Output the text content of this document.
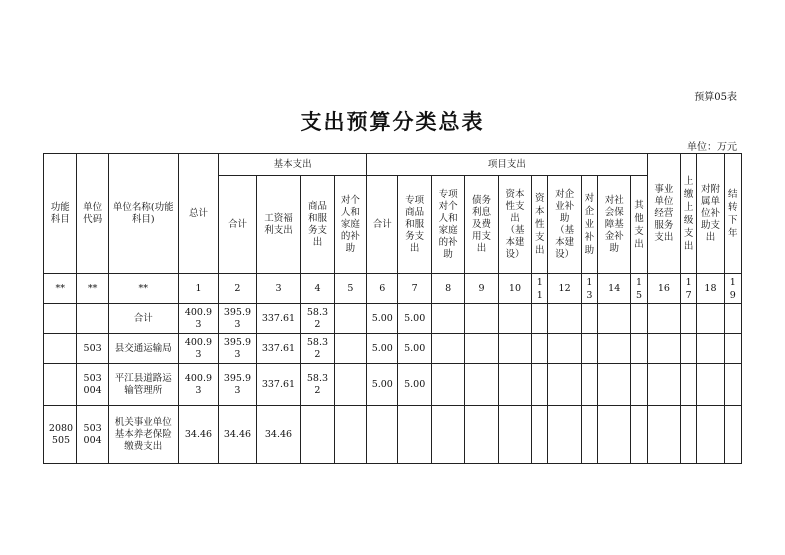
预算05表
支出预算分类总表
单位：万元
功能科目	单位代码	单位名称(功能科目)	总计	基本支出				项目支出										事业单位经营服务支出	上缴上级支出	对附属单位补助支出	结转下年

				合计	工资福利支出	商品和服务支出	对个人和家庭的补助	合计	专项商品和服务支出	专项对个人和家庭的补助	债务利息及费用支出	资本性支出（基本建设）	资本性支出	对企业补助（基本建设）	对企业补助	对社会保障基金补助	其他支出				

**	**	**	1	2	3	4	5	6	7	8	9	10	11	12	13	14	15	16	17	18	19

		合计	400.93	395.93	337.61	58.32		5.00	5.00												
	503	县交通运输局	400.93	395.93	337.61	58.32		5.00	5.00												

	503004	平江县道路运输管理所	400.93	395.93	337.61	58.32		5.00	5.00												

2080505	503004	机关事业单位基本养老保险缴费支出	34.46	34.46	34.46																
